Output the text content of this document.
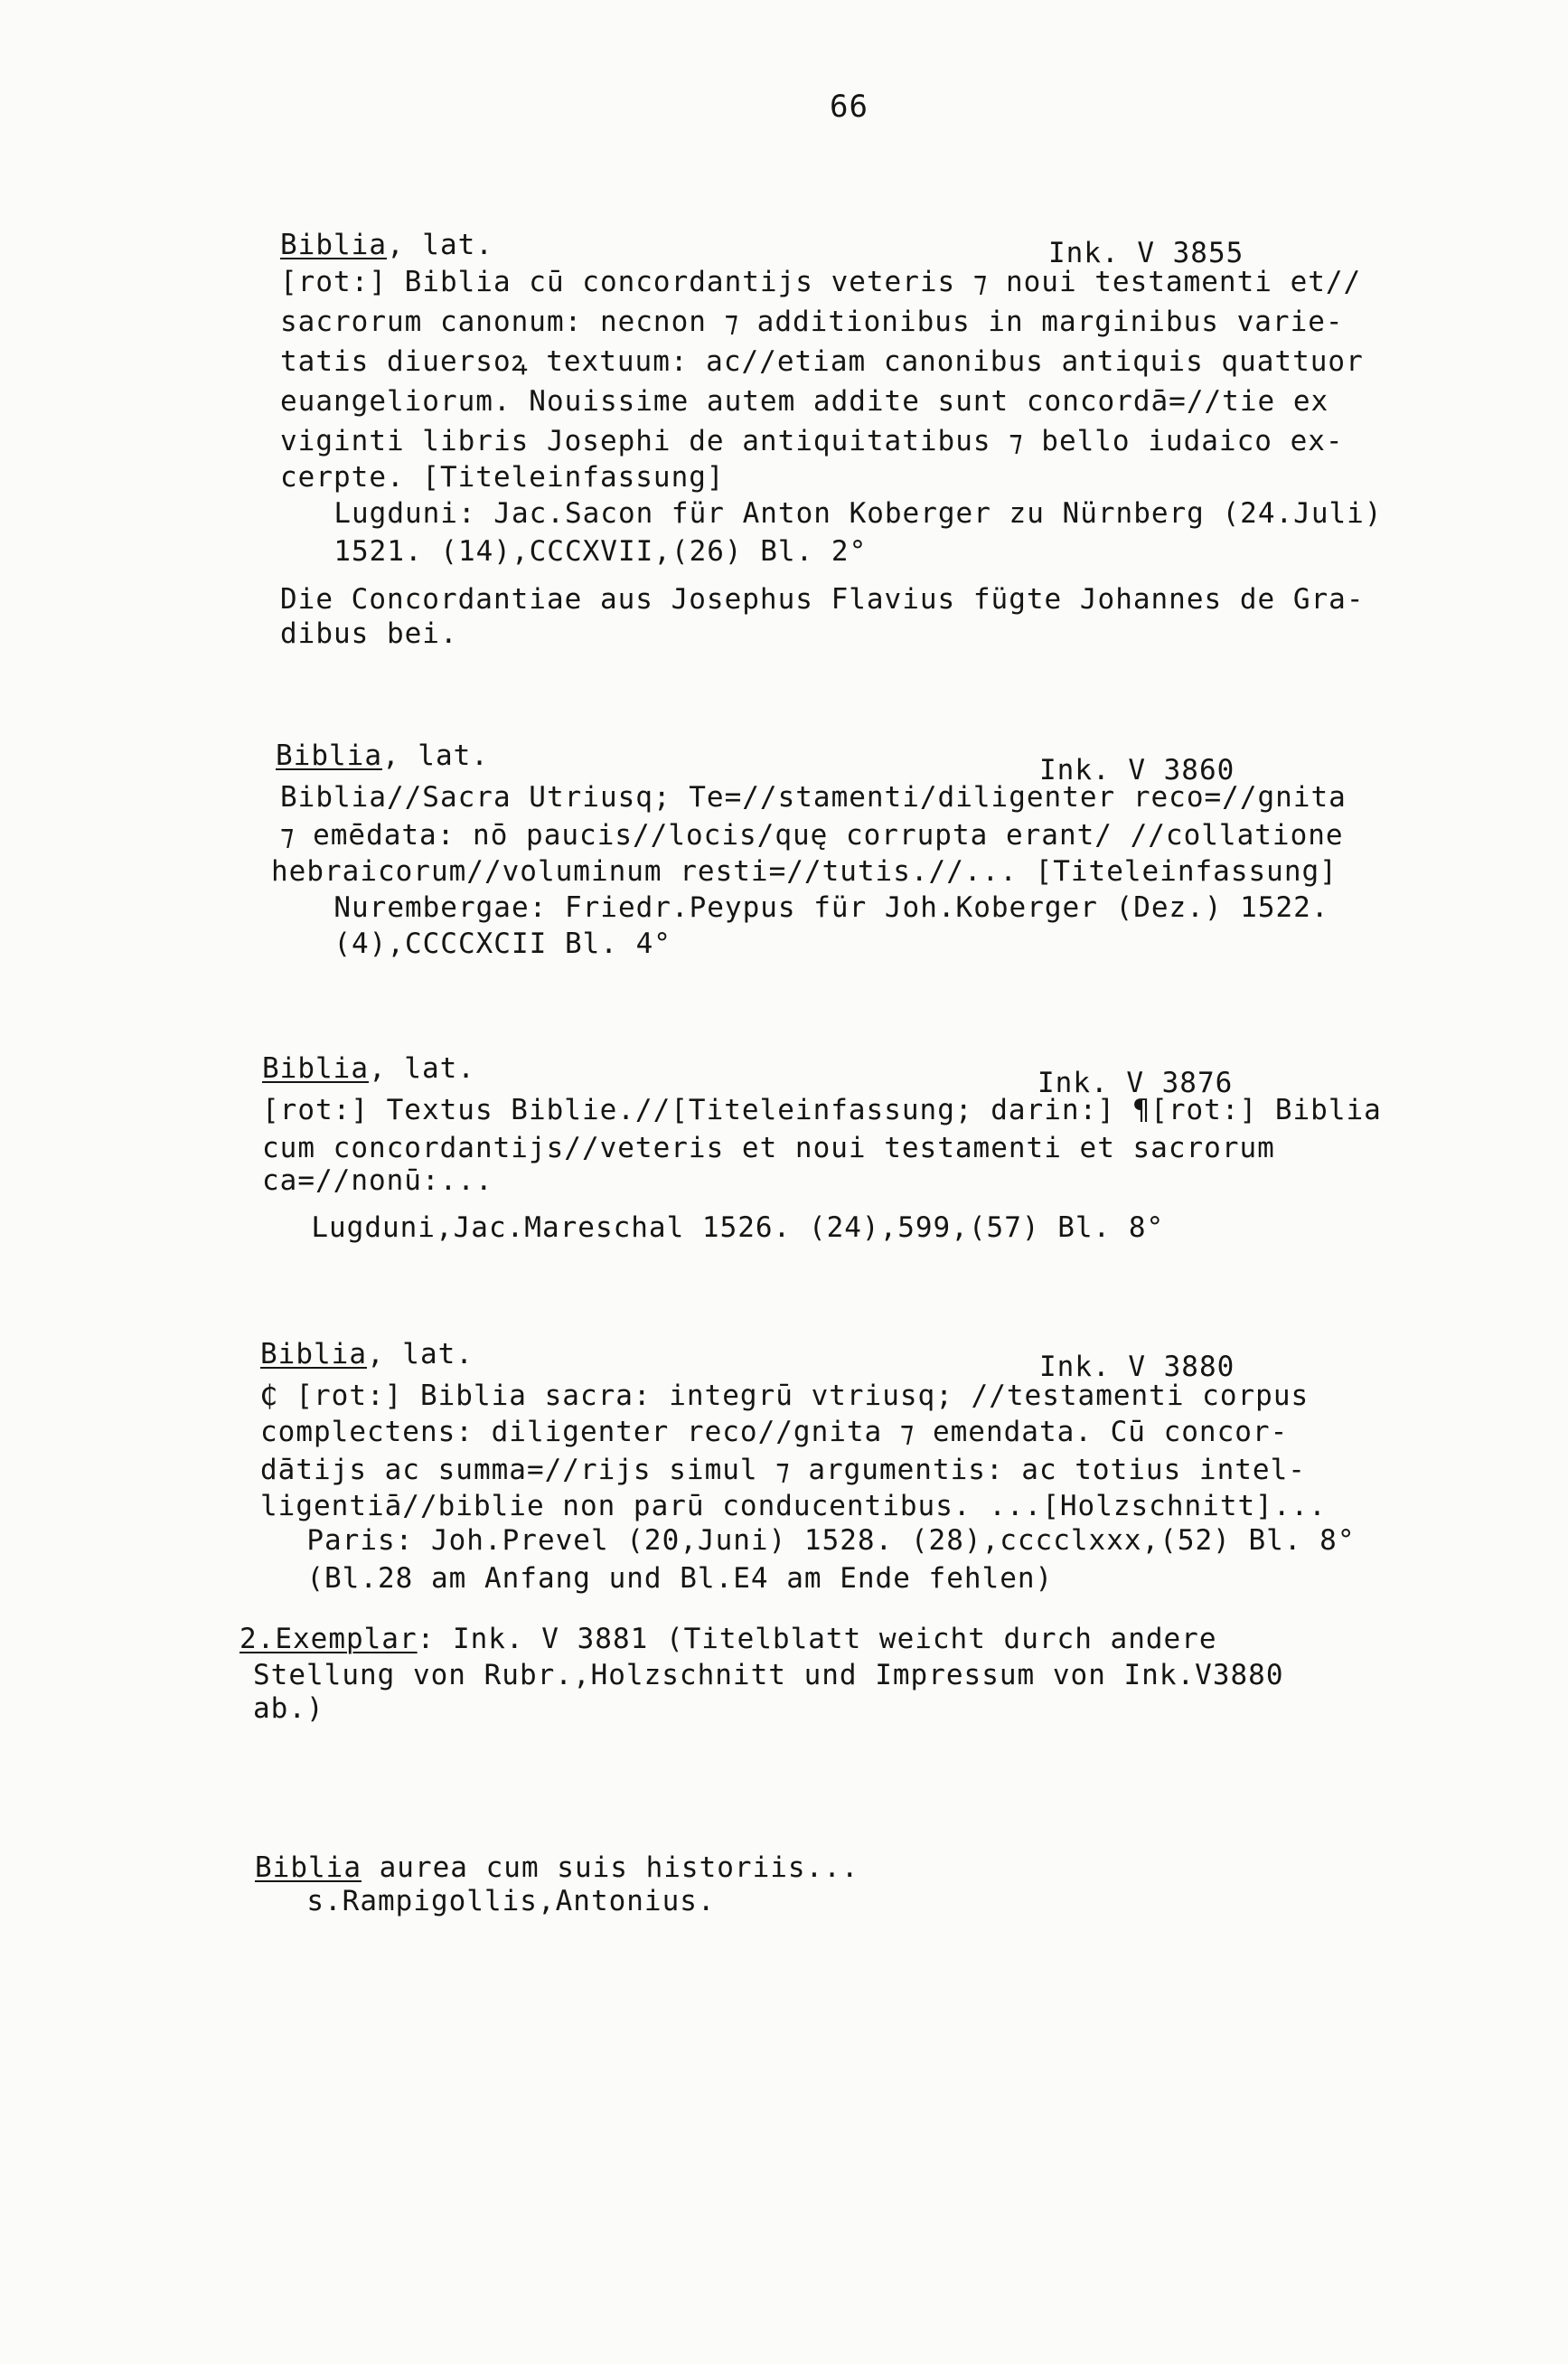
66
Biblia, lat.	Ink. V 3855
[rot:] Biblia cū concordantijs veteris ⁊ noui testamenti et//
sacrorum canonum: necnon ⁊ additionibus in marginibus varie-
tatis diuersoꝝ textuum: ac//etiam canonibus antiquis quattuor
euangeliorum. Nouissime autem addite sunt concordā=//tie ex
viginti libris Josephi de antiquitatibus ⁊ bello iudaico ex-
cerpte. [Titeleinfassung]
Lugduni: Jac.Sacon für Anton Koberger zu Nürnberg (24.Juli)
1521. (14),CCCXVII,(26) Bl. 2°
Die Concordantiae aus Josephus Flavius fügte Johannes de Gra-
dibus bei.
Biblia, lat.	Ink. V 3860
Biblia//Sacra Utriusq; Te=//stamenti/diligenter reco=//gnita
⁊ emēdata: nō paucis//locis/quę corrupta erant/ //collatione
hebraicorum//voluminum resti=//tutis.//... [Titeleinfassung]
Nurembergae: Friedr.Peypus für Joh.Koberger (Dez.) 1522.
(4),CCCCXCII Bl. 4°
Biblia, lat.	Ink. V 3876
[rot:] Textus Biblie.//[Titeleinfassung; darin:] ¶[rot:] Biblia
cum concordantijs//veteris et noui testamenti et sacrorum
ca=//nonū:...
Lugduni,Jac.Mareschal 1526. (24),599,(57) Bl. 8°
Biblia, lat.	Ink. V 3880
₵ [rot:] Biblia sacra: integrū vtriusq; //testamenti corpus
complectens: diligenter reco//gnita ⁊ emendata. Cū concor-
dātijs ac summa=//rijs simul ⁊ argumentis: ac totius intel-
ligentiā//biblie non parū conducentibus. ...[Holzschnitt]...
Paris: Joh.Prevel (20,Juni) 1528. (28),cccclxxx,(52) Bl. 8°
(Bl.28 am Anfang und Bl.E4 am Ende fehlen)
2.Exemplar: Ink. V 3881 (Titelblatt weicht durch andere
Stellung von Rubr.,Holzschnitt und Impressum von Ink.V3880
ab.)
Biblia aurea cum suis historiis...
s.Rampigollis,Antonius.
